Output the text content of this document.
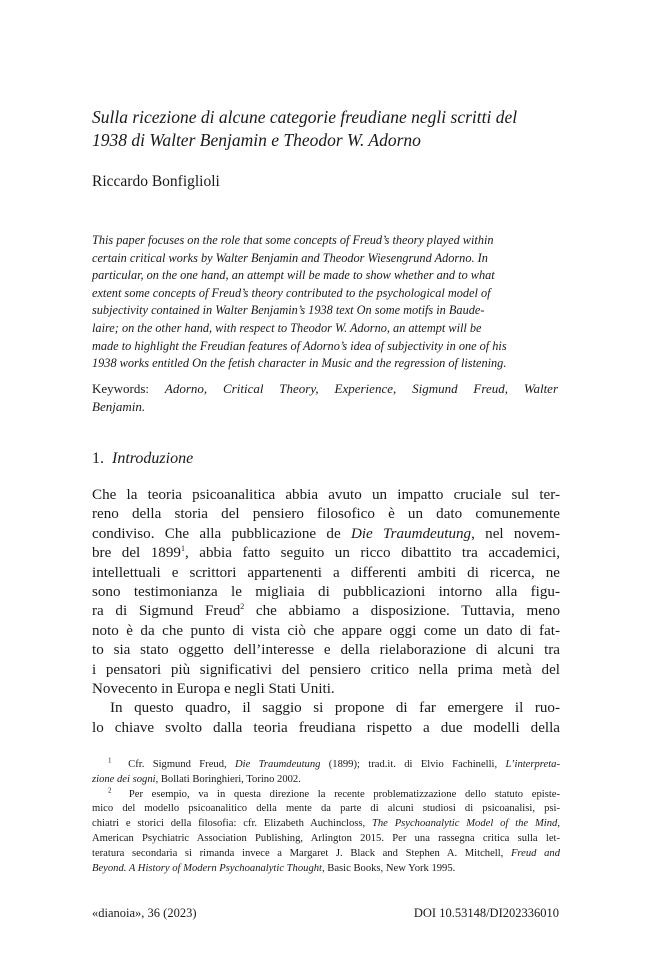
Sulla ricezione di alcune categorie freudiane negli scritti del
1938 di Walter Benjamin e Theodor W. Adorno

Riccardo Bonfiglioli

This paper focuses on the role that some concepts of Freud’s theory played within
certain critical works by Walter Benjamin and Theodor Wiesengrund Adorno. In
particular, on the one hand, an attempt will be made to show whether and to what
extent some concepts of Freud’s theory contributed to the psychological model of
subjectivity contained in Walter Benjamin’s 1938 text On some motifs in Baude-
laire; on the other hand, with respect to Theodor W. Adorno, an attempt will be
made to highlight the Freudian features of Adorno’s idea of subjectivity in one of his
1938 works entitled On the fetish character in Music and the regression of listening.

Keywords: Adorno, Critical Theory, Experience, Sigmund Freud, Walter
Benjamin.

1. Introduzione
Che la teoria psicoanalitica abbia avuto un impatto cruciale sul ter-
reno della storia del pensiero filosofico è un dato comunemente
condiviso. Che alla pubblicazione de Die Traumdeutung, nel novem-
bre del 1899$^1$, abbia fatto seguito un ricco dibattito tra accademici,
intellettuali e scrittori appartenenti a differenti ambiti di ricerca, ne
sono testimonianza le migliaia di pubblicazioni intorno alla figu-
ra di Sigmund Freud$^2$ che abbiamo a disposizione. Tuttavia, meno
noto è da che punto di vista ciò che appare oggi come un dato di fat-
to sia stato oggetto dell’interesse e della rielaborazione di alcuni tra
i pensatori più significativi del pensiero critico nella prima metà del
Novecento in Europa e negli Stati Uniti.
In questo quadro, il saggio si propone di far emergere il ruo-
lo chiave svolto dalla teoria freudiana rispetto a due modelli della
$^1$ Cfr. Sigmund Freud, Die Traumdeutung (1899); trad.it. di Elvio Fachinelli, L’interpreta-
zione dei sogni, Bollati Boringhieri, Torino 2002.
$^2$ Per esempio, va in questa direzione la recente problematizzazione dello statuto episte-
mico del modello psicoanalitico della mente da parte di alcuni studiosi di psicoanalisi, psi-
chiatri e storici della filosofia: cfr. Elizabeth Auchincloss, The Psychoanalytic Model of the Mind,
American Psychiatric Association Publishing, Arlington 2015. Per una rassegna critica sulla let-
teratura secondaria si rimanda invece a Margaret J. Black and Stephen A. Mitchell, Freud and
Beyond. A History of Modern Psychoanalytic Thought, Basic Books, New York 1995.
«dianoia», 36 (2023)	DOI 10.53148/DI202336010
